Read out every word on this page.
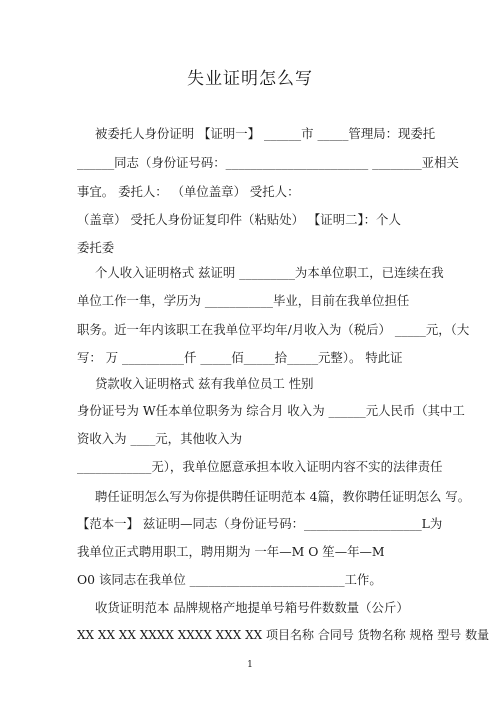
失业证明怎么写
被委托人身份证明 【证明一】 ______市 _____管理局：现委托
______同志（身份证号码：_______________________ ________亚相关
事宜。 委托人： （单位盖章） 受托人：
（盖章） 受托人身份证复印件（粘贴处） 【证明二】：个人
委托委
个人收入证明格式 兹证明 _________为本单位职工，已连续在我
单位工作一隼，学历为 ___________毕业，目前在我单位担任
职务。近一年内该职工在我单位平均年/月收入为（税后） _____元，（大
写： 万 __________仟 _____佰_____拾_____元整）。 特此证
贷款收入证明格式 兹有我单位员工 性别
身份证号为 W任本单位职务为 综合月 收入为 ______元人民币（其中工
资收入为 ____元，其他收入为
____________无），我单位愿意承担本收入证明内容不实的法律责任
聘任证明怎么写为你提供聘任证明范本 4篇，教你聘任证明怎么 写。
【范本一】 兹证明—同志（身份证号码：___________________L为
我单位正式聘用职工，聘用期为 一年—M O 笙—年—M
O0 该同志在我单位 _________________________工作。
收货证明范本 品牌规格产地提单号箱号件数数量（公斤）
XX XX XX XXXX XXXX XXX XX 项目名称 合同号 货物名称 规格 型号 数量
1
